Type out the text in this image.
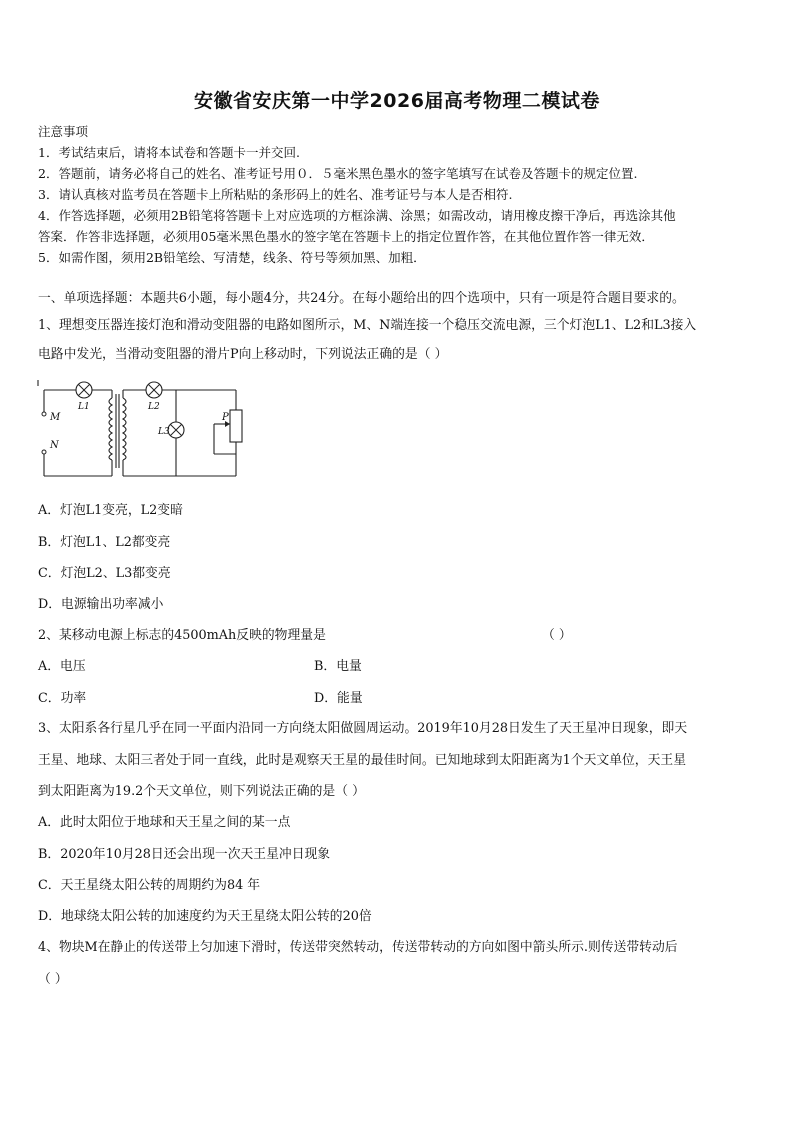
安徽省安庆第一中学2026届高考物理二模试卷
注意事项
1．考试结束后，请将本试卷和答题卡一并交回.
2．答题前，请务必将自己的姓名、准考证号用０．５毫米黑色墨水的签字笔填写在试卷及答题卡的规定位置.
3．请认真核对监考员在答题卡上所粘贴的条形码上的姓名、准考证号与本人是否相符.
4．作答选择题，必须用2B铅笔将答题卡上对应选项的方框涂满、涂黑；如需改动，请用橡皮擦干净后，再选涂其他
答案．作答非选择题，必须用05毫米黑色墨水的签字笔在答题卡上的指定位置作答，在其他位置作答一律无效．
5．如需作图，须用2B铅笔绘、写清楚，线条、符号等须加黑、加粗．
一、单项选择题：本题共6小题，每小题4分，共24分。在每小题给出的四个选项中，只有一项是符合题目要求的。
1、理想变压器连接灯泡和滑动变阻器的电路如图所示，M、N端连接一个稳压交流电源，三个灯泡L1、L2和L3接入
电路中发光，当滑动变阻器的滑片P向上移动时，下列说法正确的是（ ）
M
N
L1	L2
L3
P
A．灯泡L1变亮，L2变暗
B．灯泡L1、L2都变亮
C．灯泡L2、L3都变亮
D．电源输出功率减小
2、某移动电源上标志的4500mAh反映的物理量是	（ ）
A．电压	B．电量
C．功率	D．能量
3、太阳系各行星几乎在同一平面内沿同一方向绕太阳做圆周运动。2019年10月28日发生了天王星冲日现象，即天
王星、地球、太阳三者处于同一直线，此时是观察天王星的最佳时间。已知地球到太阳距离为1个天文单位，天王星
到太阳距离为19.2个天文单位，则下列说法正确的是（ ）
A．此时太阳位于地球和天王星之间的某一点
B．2020年10月28日还会出现一次天王星冲日现象
C．天王星绕太阳公转的周期约为84 年
D．地球绕太阳公转的加速度约为天王星绕太阳公转的20倍
4、物块M在静止的传送带上匀加速下滑时，传送带突然转动，传送带转动的方向如图中箭头所示.则传送带转动后
（ ）
